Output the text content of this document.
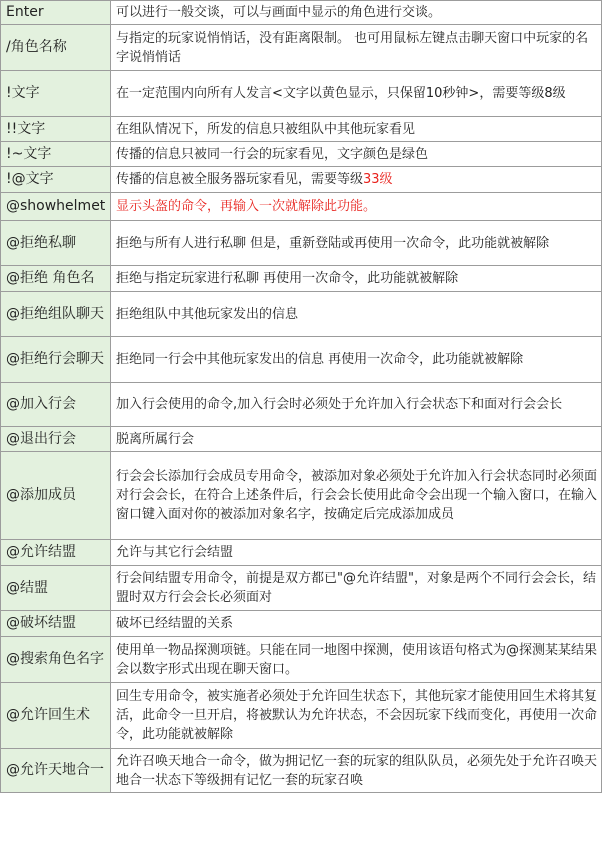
Enter	可以进行一般交谈，可以与画面中显示的角色进行交谈。
/角色名称	与指定的玩家说悄悄话，没有距离限制。 也可用鼠标左键点击聊天窗口中玩家的名字说悄悄话
!文字	在一定范围内向所有人发言<文字以黄色显示，只保留10秒钟>，需要等级8级
!!文字	在组队情况下，所发的信息只被组队中其他玩家看见
!~文字	传播的信息只被同一行会的玩家看见，文字颜色是绿色
!@文字	传播的信息被全服务器玩家看见，需要等级33级
@showhelmet	显示头盔的命令，再输入一次就解除此功能。
@拒绝私聊	拒绝与所有人进行私聊 但是，重新登陆或再使用一次命令，此功能就被解除
@拒绝 角色名	拒绝与指定玩家进行私聊 再使用一次命令，此功能就被解除
@拒绝组队聊天	拒绝组队中其他玩家发出的信息
@拒绝行会聊天	拒绝同一行会中其他玩家发出的信息 再使用一次命令，此功能就被解除
@加入行会	加入行会使用的命令,加入行会时必须处于允许加入行会状态下和面对行会会长
@退出行会	脱离所属行会
@添加成员	行会会长添加行会成员专用命令，被添加对象必须处于允许加入行会状态同时必须面对行会会长，在符合上述条件后，行会会长使用此命令会出现一个输入窗口，在输入窗口键入面对你的被添加对象名字，按确定后完成添加成员
@允许结盟	允许与其它行会结盟
@结盟	行会间结盟专用命令，前提是双方都已"@允许结盟"，对象是两个不同行会会长，结盟时双方行会会长必须面对
@破坏结盟	破坏已经结盟的关系
@搜索角色名字	使用单一物品探测项链。只能在同一地图中探测，使用该语句格式为@探测某某结果会以数字形式出现在聊天窗口。
@允许回生术	回生专用命令，被实施者必须处于允许回生状态下，其他玩家才能使用回生术将其复活，此命令一旦开启，将被默认为允许状态，不会因玩家下线而变化，再使用一次命令，此功能就被解除
@允许天地合一	允许召唤天地合一命令，做为拥记忆一套的玩家的组队队员，必须先处于允许召唤天地合一状态下等级拥有记忆一套的玩家召唤
